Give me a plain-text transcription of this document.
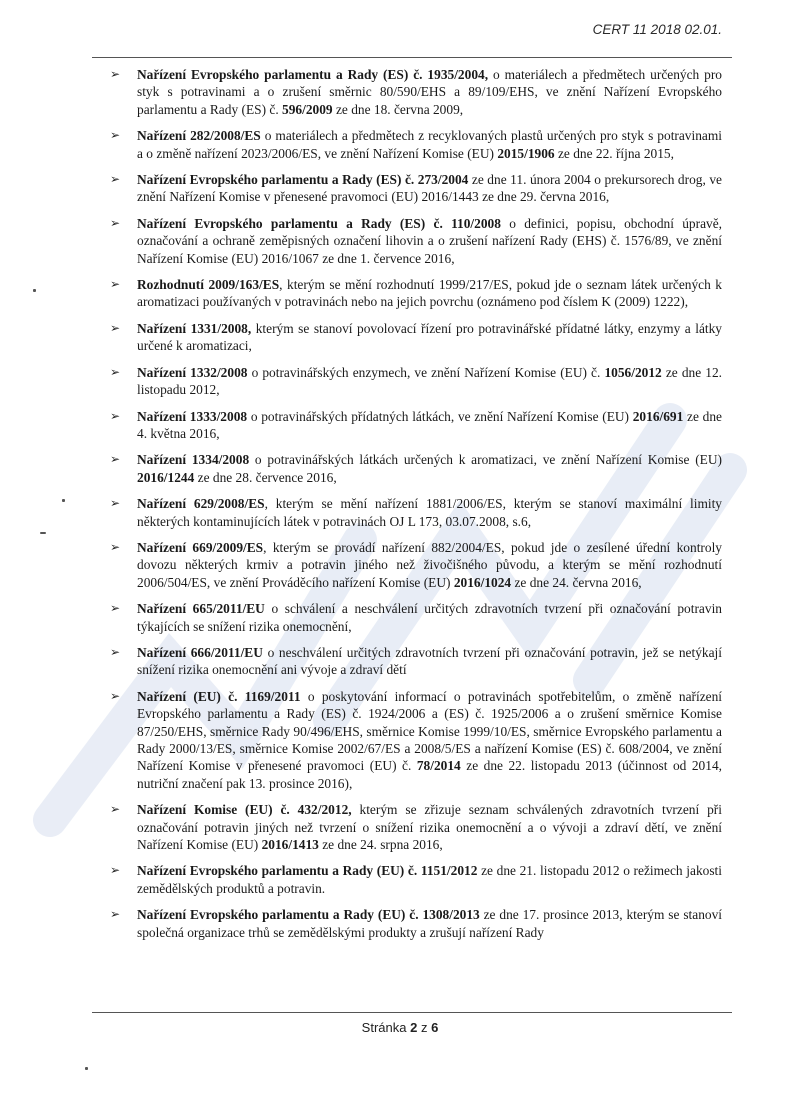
CERT 11 2018 02.01.
➢ Nařízení Evropského parlamentu a Rady (ES) č. 1935/2004, o materiálech a předmětech určených pro styk s potravinami a o zrušení směrnic 80/590/EHS a 89/109/EHS, ve znění Nařízení Evropského parlamentu a Rady (ES) č. 596/2009 ze dne 18. června 2009,
➢ Nařízení 282/2008/ES o materiálech a předmětech z recyklovaných plastů určených pro styk s potravinami a o změně nařízení 2023/2006/ES, ve znění Nařízení Komise (EU) 2015/1906 ze dne 22. října 2015,
➢ Nařízení Evropského parlamentu a Rady (ES) č. 273/2004 ze dne 11. února 2004 o prekursorech drog, ve znění Nařízení Komise v přenesené pravomoci (EU) 2016/1443 ze dne 29. června 2016,
➢ Nařízení Evropského parlamentu a Rady (ES) č. 110/2008 o definici, popisu, obchodní úpravě, označování a ochraně zeměpisných označení lihovin a o zrušení nařízení Rady (EHS) č. 1576/89, ve znění Nařízení Komise (EU) 2016/1067 ze dne 1. července 2016,
➢ Rozhodnutí 2009/163/ES, kterým se mění rozhodnutí 1999/217/ES, pokud jde o seznam látek určených k aromatizaci používaných v potravinách nebo na jejich povrchu (oznámeno pod číslem K (2009) 1222),
➢ Nařízení 1331/2008, kterým se stanoví povolovací řízení pro potravinářské přídatné látky, enzymy a látky určené k aromatizaci,
➢ Nařízení 1332/2008 o potravinářských enzymech, ve znění Nařízení Komise (EU) č. 1056/2012 ze dne 12. listopadu 2012,
➢ Nařízení 1333/2008 o potravinářských přídatných látkách, ve znění Nařízení Komise (EU) 2016/691 ze dne 4. května 2016,
➢ Nařízení 1334/2008 o potravinářských látkách určených k aromatizaci, ve znění Nařízení Komise (EU) 2016/1244 ze dne 28. července 2016,
➢ Nařízení 629/2008/ES, kterým se mění nařízení 1881/2006/ES, kterým se stanoví maximální limity některých kontaminujících látek v potravinách OJ L 173, 03.07.2008, s.6,
➢ Nařízení 669/2009/ES, kterým se provádí nařízení 882/2004/ES, pokud jde o zesílené úřední kontroly dovozu některých krmiv a potravin jiného než živočišného původu, a kterým se mění rozhodnutí 2006/504/ES, ve znění Prováděcího nařízení Komise (EU) 2016/1024 ze dne 24. června 2016,
➢ Nařízení 665/2011/EU o schválení a neschválení určitých zdravotních tvrzení při označování potravin týkajících se snížení rizika onemocnění,
➢ Nařízení 666/2011/EU o neschválení určitých zdravotních tvrzení při označování potravin, jež se netýkají snížení rizika onemocnění ani vývoje a zdraví dětí
➢ Nařízení (EU) č. 1169/2011 o poskytování informací o potravinách spotřebitelům, o změně nařízení Evropského parlamentu a Rady (ES) č. 1924/2006 a (ES) č. 1925/2006 a o zrušení směrnice Komise 87/250/EHS, směrnice Rady 90/496/EHS, směrnice Komise 1999/10/ES, směrnice Evropského parlamentu a Rady 2000/13/ES, směrnice Komise 2002/67/ES a 2008/5/ES a nařízení Komise (ES) č. 608/2004, ve znění Nařízení Komise v přenesené pravomoci (EU) č. 78/2014 ze dne 22. listopadu 2013 (účinnost od 2014, nutriční značení pak 13. prosince 2016),
➢ Nařízení Komise (EU) č. 432/2012, kterým se zřizuje seznam schválených zdravotních tvrzení při označování potravin jiných než tvrzení o snížení rizika onemocnění a o vývoji a zdraví dětí, ve znění Nařízení Komise (EU) 2016/1413 ze dne 24. srpna 2016,
➢ Nařízení Evropského parlamentu a Rady (EU) č. 1151/2012 ze dne 21. listopadu 2012 o režimech jakosti zemědělských produktů a potravin.
➢ Nařízení Evropského parlamentu a Rady (EU) č. 1308/2013 ze dne 17. prosince 2013, kterým se stanoví společná organizace trhů se zemědělskými produkty a zrušují nařízení Rady
Stránka 2 z 6
